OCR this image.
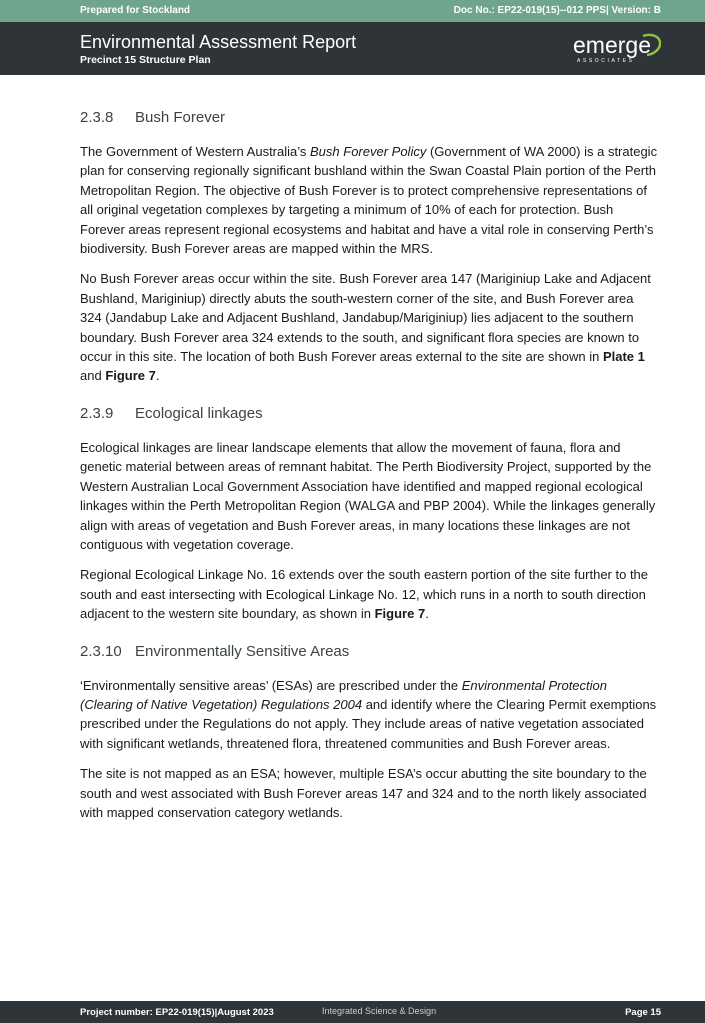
Prepared for Stockland	Doc No.: EP22-019(15)--012 PPS| Version: B
Environmental Assessment Report
Precinct 15 Structure Plan
emerge
ASSOCIATES
2.3.8 Bush Forever

The Government of Western Australia’s Bush Forever Policy (Government of WA 2000) is a strategic plan for conserving regionally significant bushland within the Swan Coastal Plain portion of the Perth Metropolitan Region. The objective of Bush Forever is to protect comprehensive representations of all original vegetation complexes by targeting a minimum of 10% of each for protection. Bush Forever areas represent regional ecosystems and habitat and have a vital role in conserving Perth’s biodiversity. Bush Forever areas are mapped within the MRS.

No Bush Forever areas occur within the site. Bush Forever area 147 (Mariginiup Lake and Adjacent Bushland, Mariginiup) directly abuts the south-western corner of the site, and Bush Forever area 324 (Jandabup Lake and Adjacent Bushland, Jandabup/Mariginiup) lies adjacent to the southern boundary. Bush Forever area 324 extends to the south, and significant flora species are known to occur in this site. The location of both Bush Forever areas external to the site are shown in Plate 1 and Figure 7.

2.3.9 Ecological linkages

Ecological linkages are linear landscape elements that allow the movement of fauna, flora and genetic material between areas of remnant habitat. The Perth Biodiversity Project, supported by the Western Australian Local Government Association have identified and mapped regional ecological linkages within the Perth Metropolitan Region (WALGA and PBP 2004). While the linkages generally align with areas of vegetation and Bush Forever areas, in many locations these linkages are not contiguous with vegetation coverage.

Regional Ecological Linkage No. 16 extends over the south eastern portion of the site further to the south and east intersecting with Ecological Linkage No. 12, which runs in a north to south direction adjacent to the western site boundary, as shown in Figure 7.

2.3.10 Environmentally Sensitive Areas

‘Environmentally sensitive areas’ (ESAs) are prescribed under the Environmental Protection (Clearing of Native Vegetation) Regulations 2004 and identify where the Clearing Permit exemptions prescribed under the Regulations do not apply. They include areas of native vegetation associated with significant wetlands, threatened flora, threatened communities and Bush Forever areas.

The site is not mapped as an ESA; however, multiple ESA’s occur abutting the site boundary to the south and west associated with Bush Forever areas 147 and 324 and to the north likely associated with mapped conservation category wetlands.

Project number: EP22-019(15)|August 2023	Integrated Science & Design	Page 15
